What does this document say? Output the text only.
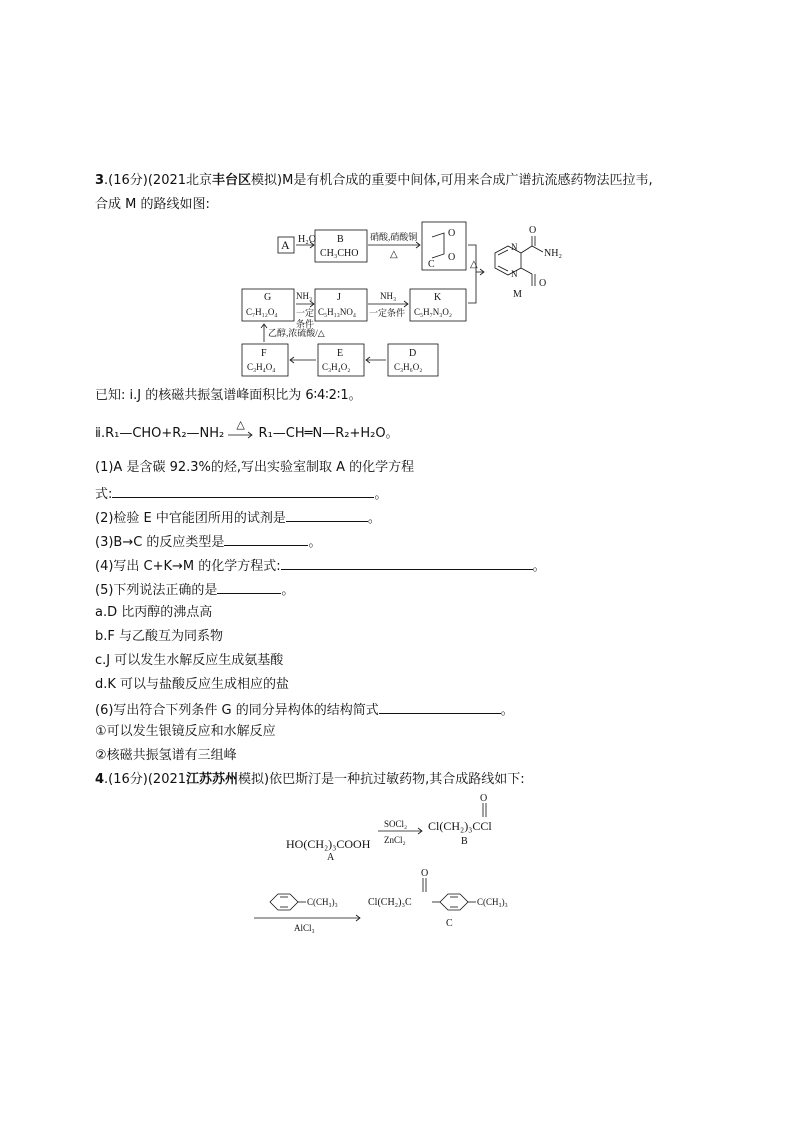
3.(16分)(2021北京丰台区模拟)M是有机合成的重要中间体,可用来合成广谱抗流感药物法匹拉韦,
合成 M 的路线如图:
A H₂O B
CH₃CHO
硝酸,硝酸铜
△
O
O
C	△
N
N
O
NH₂
O
M
G
C₇H₁₂O₄
NH₃
一定
条件
J
C₅H₁₃NO₄
NH₃
一定条件
K
C₅H₇N₃O₂
乙醇,浓硫酸/△
F
C₃H₄O₄
E
C₃H₄O₂
D
C₃H₆O₂
已知: ⅰ.J 的核磁共振氢谱峰面积比为 6∶4∶2∶1。
ⅱ.R₁—CHO+R₂—NH₂
△
R₁—CH═N—R₂+H₂O。
(1)A 是含碳 92.3%的烃,写出实验室制取 A 的化学方程
式:	。
(2)检验 E 中官能团所用的试剂是	。
(3)B→C 的反应类型是	。
(4)写出 C+K→M 的化学方程式:	。
(5)下列说法正确的是	。
a.D 比丙醇的沸点高
b.F 与乙酸互为同系物
c.J 可以发生水解反应生成氨基酸
d.K 可以与盐酸反应生成相应的盐
(6)写出符合下列条件 G 的同分异构体的结构简式	。
①可以发生银镜反应和水解反应
②核磁共振氢谱有三组峰
4.(16分)(2021江苏苏州模拟)依巴斯汀是一种抗过敏药物,其合成路线如下:
HO(CH₂)₃COOH
A
SOCl₂
ZnCl₂
O
Cl(CH₂)₃CCl
B
C(CH₃)₃
AlCl₃
O
Cl(CH₂)₃C	C(CH₃)₃
C
